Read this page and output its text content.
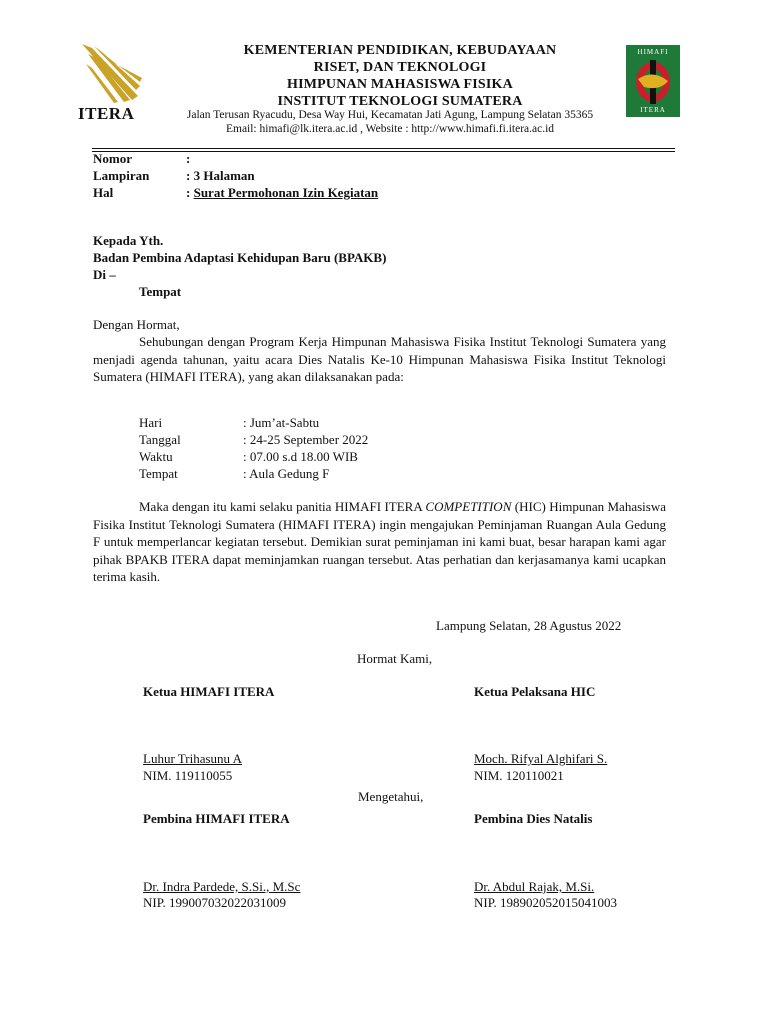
ITERA
KEMENTERIAN PENDIDIKAN, KEBUDAYAAN
RISET, DAN TEKNOLOGI
HIMPUNAN MAHASISWA FISIKA
INSTITUT TEKNOLOGI SUMATERA
Jalan Terusan Ryacudu, Desa Way Hui, Kecamatan Jati Agung, Lampung Selatan 35365
Email: himafi@lk.itera.ac.id , Website : http://www.himafi.fi.itera.ac.id
HIMAFI
ITERA
Nomor	:
Lampiran	: 3 Halaman
Hal	: Surat Permohonan Izin Kegiatan
Kepada Yth.
Badan Pembina Adaptasi Kehidupan Baru (BPAKB)
Di –
Tempat
Dengan Hormat,
Sehubungan dengan Program Kerja Himpunan Mahasiswa Fisika Institut Teknologi Sumatera yang menjadi agenda tahunan, yaitu acara Dies Natalis Ke-10 Himpunan Mahasiswa Fisika Institut Teknologi Sumatera (HIMAFI ITERA), yang akan dilaksanakan pada:
Hari	: Jum’at-Sabtu
Tanggal	: 24-25 September 2022
Waktu	: 07.00 s.d 18.00 WIB
Tempat	: Aula Gedung F
Maka dengan itu kami selaku panitia HIMAFI ITERA COMPETITION (HIC) Himpunan Mahasiswa Fisika Institut Teknologi Sumatera (HIMAFI ITERA) ingin mengajukan Peminjaman Ruangan Aula Gedung F untuk memperlancar kegiatan tersebut. Demikian surat peminjaman ini kami buat, besar harapan kami agar pihak BPAKB ITERA dapat meminjamkan ruangan tersebut. Atas perhatian dan kerjasamanya kami ucapkan terima kasih.
Lampung Selatan, 28 Agustus 2022
Hormat Kami,
Ketua HIMAFI ITERA
Luhur Trihasunu A
NIM. 119110055
Ketua Pelaksana HIC
Moch. Rifyal Alghifari S.
NIM. 120110021
Mengetahui,
Pembina HIMAFI ITERA
Dr. Indra Pardede, S.Si., M.Sc
NIP. 199007032022031009
Pembina Dies Natalis
Dr. Abdul Rajak, M.Si.
NIP. 198902052015041003
